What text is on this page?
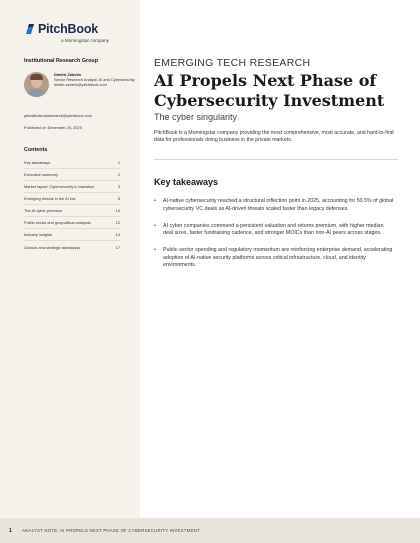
PitchBook
a Morningstar company
Institutional Research Group
Dimitri Zabelin
Senior Research Analyst, AI and Cybersecurity
dimitri.zabelin@pitchbook.com
pbinstitutionalresearch@pitchbook.com
Published on December 23, 2025
Contents
Key takeaways	1
Executive summary	2
Market layout: Cybersecurity in transition	3
Emerging threats in the AI era	5
The AI cyber premium	10
Public sector and geopolitical catalysts	12
Industry insights	13
Outlook and strategic takeaways	17
EMERGING TECH RESEARCH
AI Propels Next Phase of Cybersecurity Investment
The cyber singularity

PitchBook is a Morningstar company providing the most comprehensive, most accurate, and hard-to-find data for professionals doing business in the private markets.

Key takeaways
• AI-native cybersecurity reached a structural inflection point in 2025, accounting for 50.5% of global cybersecurity VC deals as AI-driven threats scaled faster than legacy defenses.
• AI cyber companies command a persistent valuation and returns premium, with higher median deal sizes, faster fundraising cadence, and stronger MOICs than non-AI peers across stages.
• Public-sector spending and regulatory momentum are reinforcing enterprise demand, accelerating adoption of AI-native security platforms across critical infrastructure, cloud, and identity environments.
1 ANALYST NOTE: AI PROPELS NEXT PHASE OF CYBERSECURITY INVESTMENT
